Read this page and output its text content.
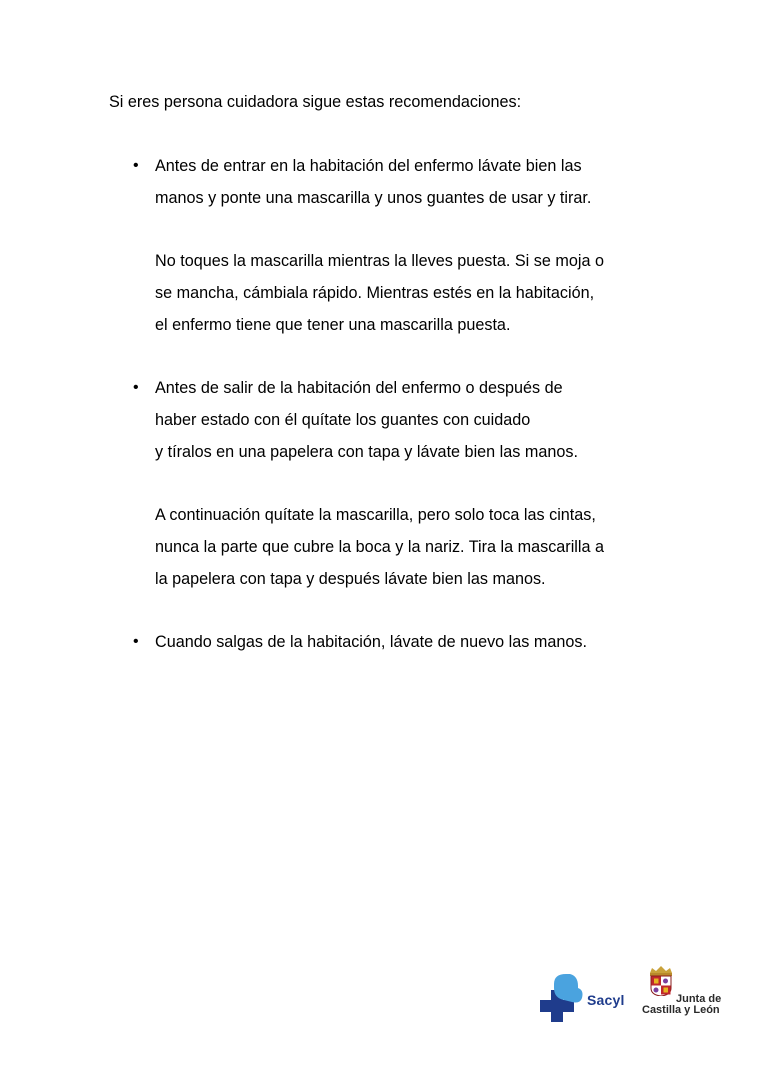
Si eres persona cuidadora sigue estas recomendaciones:

• Antes de entrar en la habitación del enfermo lávate bien las
manos y ponte una mascarilla y unos guantes de usar y tirar.

No toques la mascarilla mientras la lleves puesta. Si se moja o
se mancha, cámbiala rápido. Mientras estés en la habitación,
el enfermo tiene que tener una mascarilla puesta.

• Antes de salir de la habitación del enfermo o después de
haber estado con él quítate los guantes con cuidado
y tíralos en una papelera con tapa y lávate bien las manos.

A continuación quítate la mascarilla, pero solo toca las cintas,
nunca la parte que cubre la boca y la nariz. Tira la mascarilla a
la papelera con tapa y después lávate bien las manos.

• Cuando salgas de la habitación, lávate de nuevo las manos.

Sacyl	Junta de
Castilla y León
